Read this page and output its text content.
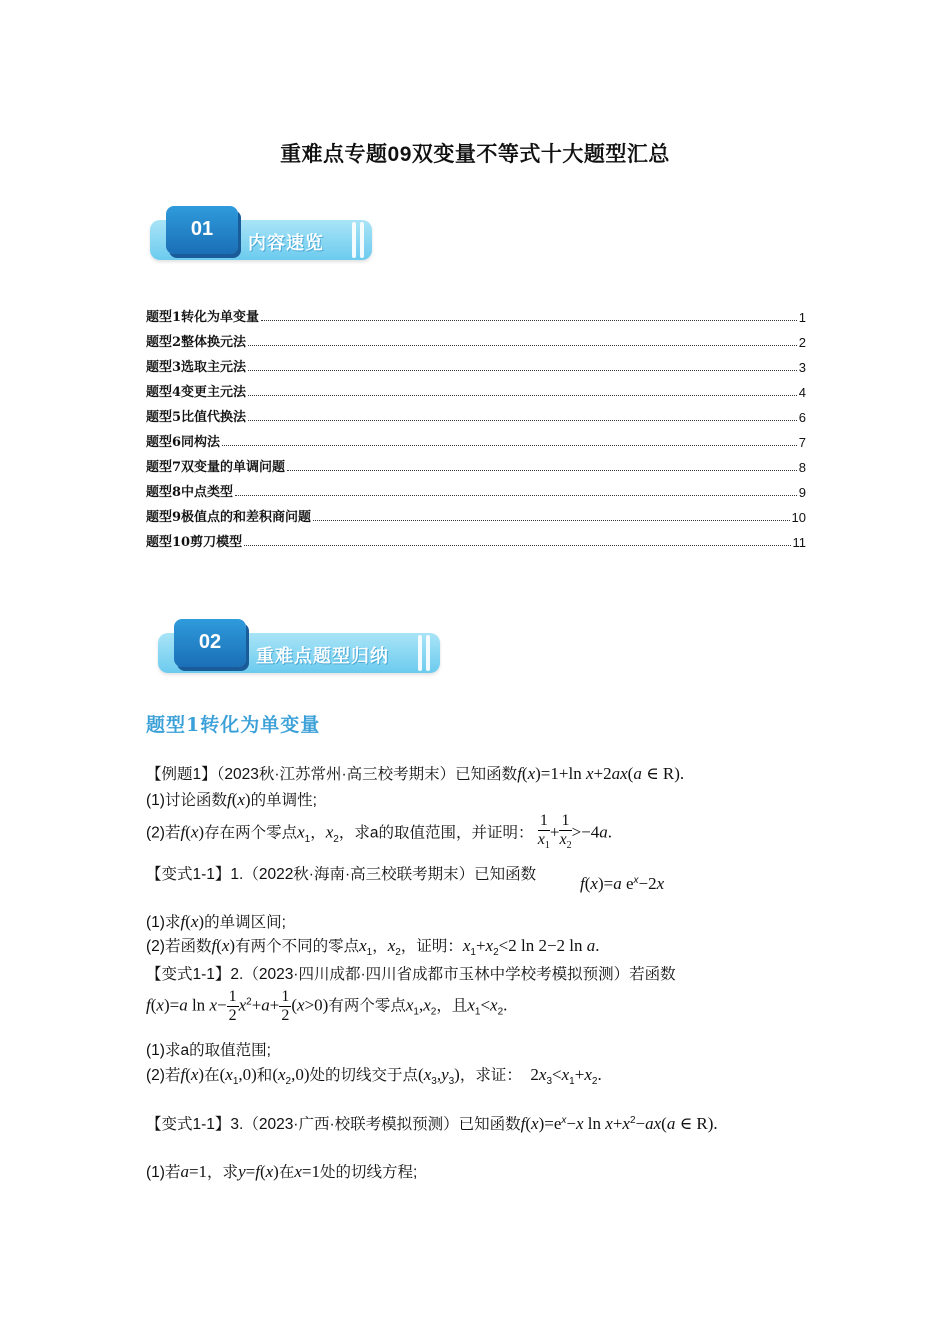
重难点专题09双变量不等式十大题型汇总
01
内容速览
题型1转化为单变量	1
题型2整体换元法	2
题型3选取主元法	3
题型4变更主元法	4
题型5比值代换法	6
题型6同构法	7
题型7双变量的单调问题	8
题型8中点类型	9
题型9极值点的和差积商问题	10
题型10剪刀模型	11
02
重难点题型归纳
题型1转化为单变量
【例题1】（2023秋·江苏常州·高三校考期末）已知函数f(x)=1+ln x+2ax(a ∈ R).
(1)讨论函数f(x)的单调性;
(2)若f(x)存在两个零点$x_1$，$x_2$，求a的取值范围，并证明： $\frac{1}{x_1} + \frac{1}{x_2} >-4a$.
【变式1-1】1.（2022秋·海南·高三校联考期末）已知函数	f(x)=a $e^x-2x$
(1)求f(x)的单调区间;
(2)若函数f(x)有两个不同的零点$x_1$，$x_2$，证明：$x_1+x_2<2$ ln 2−2 ln a.
【变式1-1】2.（2023·四川成都·四川省成都市玉林中学校考模拟预测）若函数
f(x)=a $\ln x- \frac{1}{2} x^2+a+ \frac{1}{2} (x>0)$有两个零点$x_1,x_2$，且$x_1<x_2$.
(1)求a的取值范围;
(2)若f(x)在$(x_1,0)$和$(x_2,0)$处的切线交于点$(x_3,y_3)$，求证：  $2x_3<x_1+x_2$.
【变式1-1】3.（2023·广西·校联考模拟预测）已知函数$f(x)=e^x-x$ $\ln x+x^2-ax(a$ ∈ R).
(1)若a=1，求y=f(x)在x=1处的切线方程;
